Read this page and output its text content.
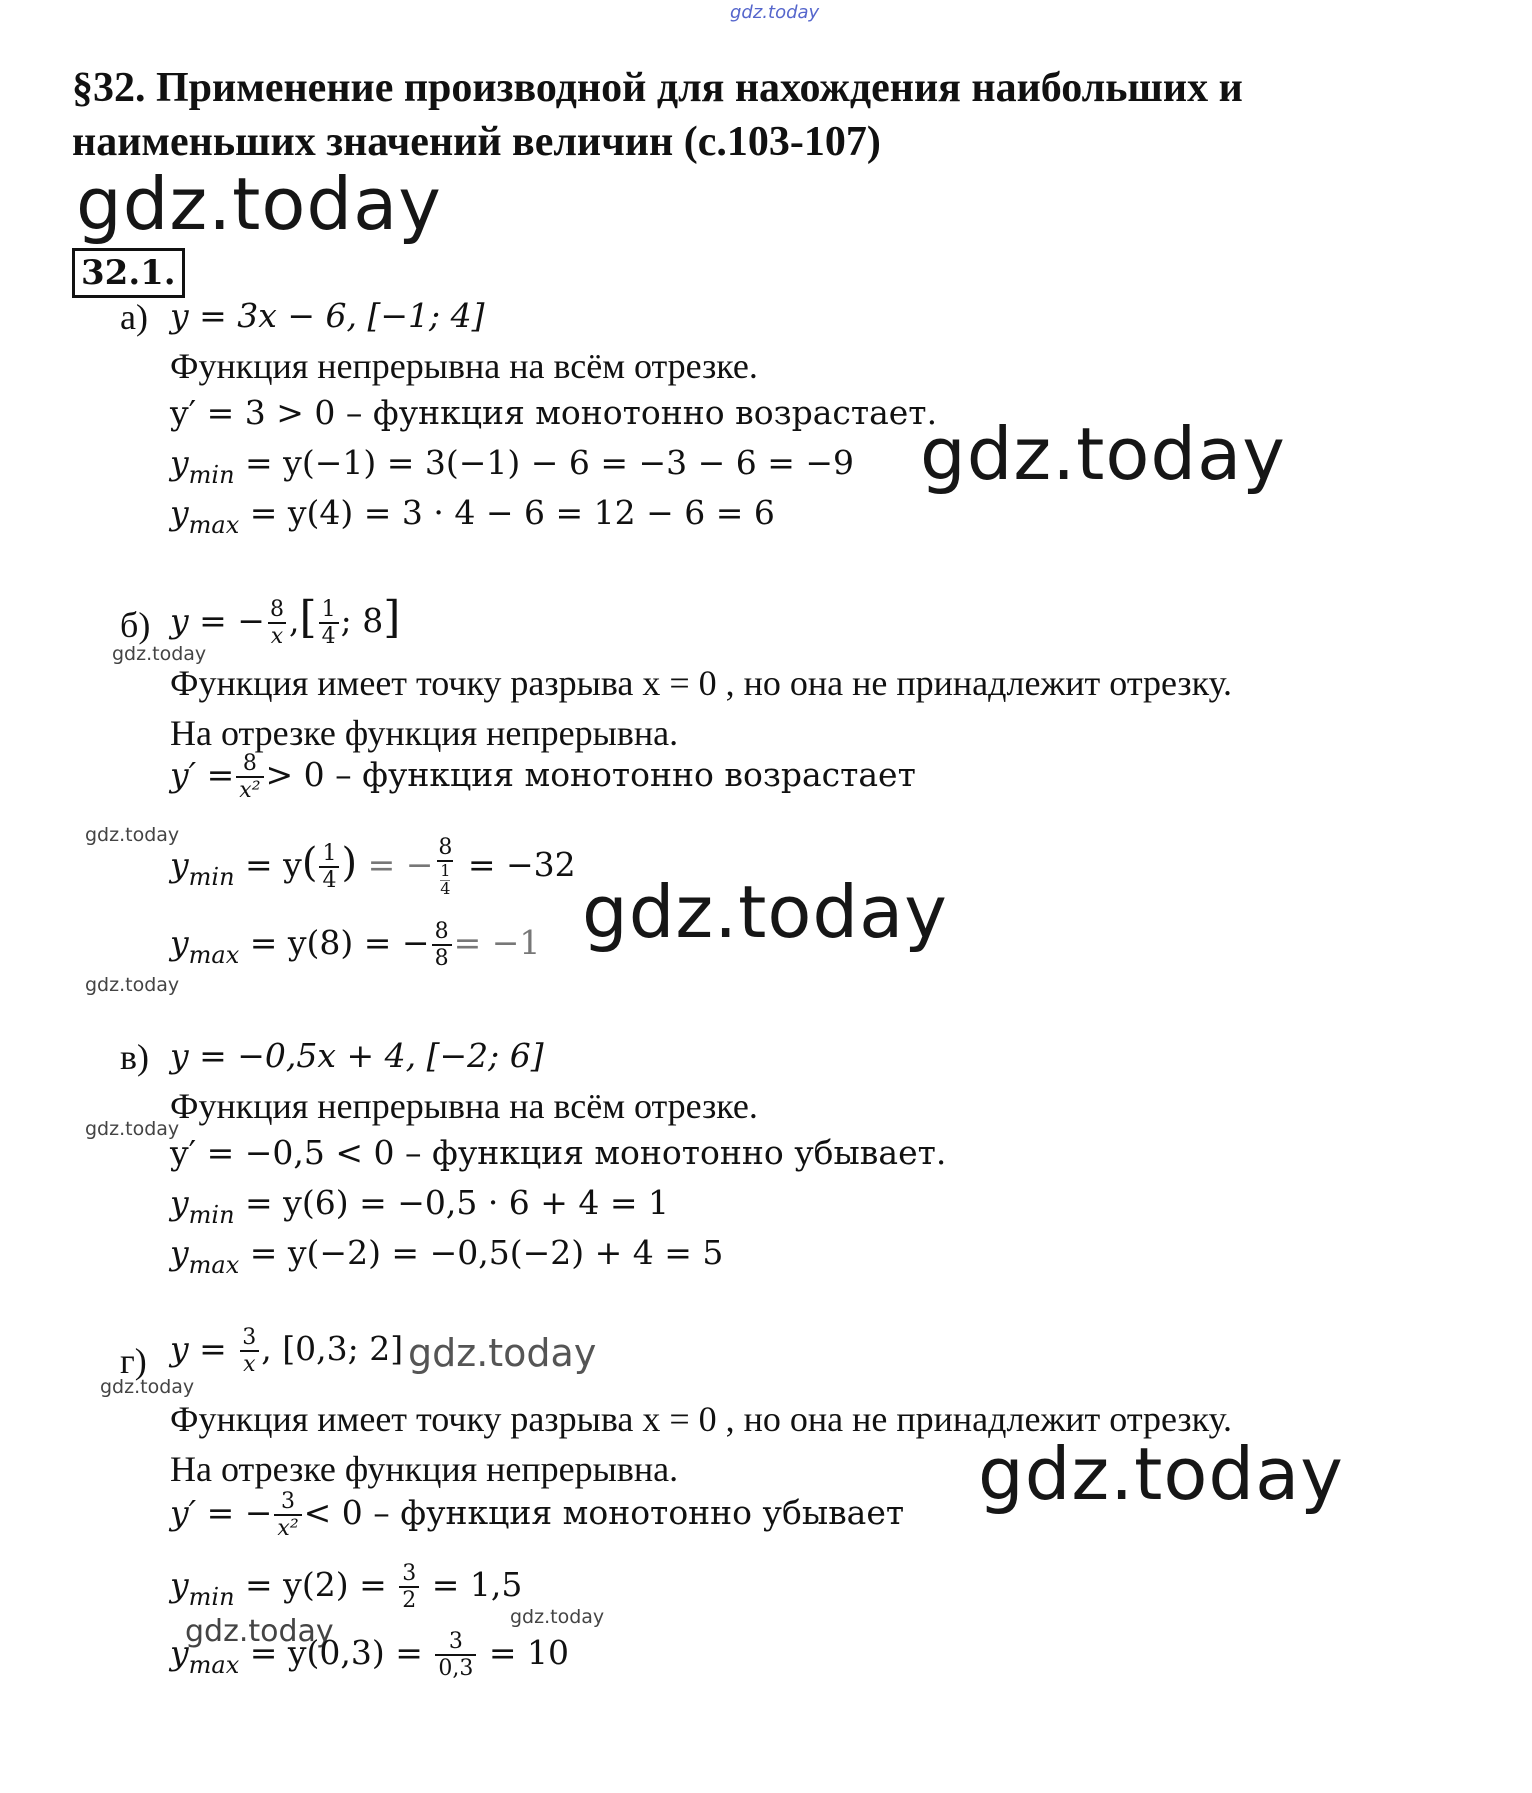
gdz.today
gdz.today
gdz.today
gdz.today
gdz.today
gdz.today
gdz.today
gdz.today
gdz.today
gdz.today
gdz.today
gdz.today
gdz.today
§32. Применение производной для нахождения наибольших и
наименьших значений величин (с.103-107)
32.1.
а) y = 3x − 6, [−1; 4]
Функция непрерывна на всём отрезке.
y′ = 3 > 0 – функция монотонно возрастает.
$y_{min} = y(-1) = 3(-1) - 6 = -3 - 6 = -9$
$y_{max} = y(4) = 3 \cdot 4 - 6 = 12 - 6 = 6$
б) y = − $\frac{8}{x}$ ,[ $\frac{1}{4}$ ; 8]
Функция имеет точку разрыва x = 0 , но она не принадлежит отрезку.
На отрезке функция непрерывна.
$y' = \frac{8}{\text{x²}} > 0$ – функция монотонно возрастает
$y_{min} = y( \frac{1}{4}$ ) = − 8
1
4 = −32
$y_{max} = y(8)$ = − $\frac{8}{8} = -1$
в) y = −0,5x + 4, [−2; 6]
Функция непрерывна на всём отрезке.
y′ = −0,5 < 0 – функция монотонно убывает.
$y_{min} = y(6) = -0,5 \cdot 6 + 4 = 1$
$y_{max} = y(-2) = -0,5(-2) + 4 = 5$
г) $y = \frac{3}{x}$ , [0,3; 2]
Функция имеет точку разрыва x = 0 , но она не принадлежит отрезку.
На отрезке функция непрерывна.
y′ = − $\frac{3}{\text{x²}} < 0$ – функция монотонно убывает
$y_{min} = y(2) = \frac{3}{2} = 1,5$
$y_{max} = y(0,3) = \frac{3}{0,3} = 10$
